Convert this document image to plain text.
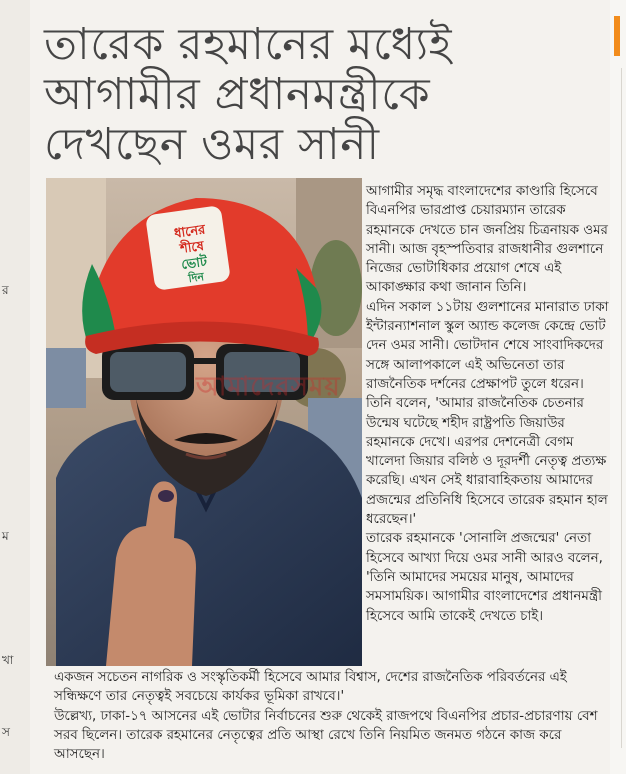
র
ম
খা
স
তারেক রহমানের মধ্যেই
আগামীর প্রধানমন্ত্রীকে
দেখছেন ওমর সানী
ধানের
শীষে
ভোট
দিন
আমাদেরসময়

আগামীর সমৃদ্ধ বাংলাদেশের কাণ্ডারি হিসেবে বিএনপির ভারপ্রাপ্ত চেয়ারম্যান তারেক রহমানকে দেখতে চান জনপ্রিয় চিত্রনায়ক ওমর সানী। আজ বৃহস্পতিবার রাজধানীর গুলশানে নিজের ভোটাধিকার প্রয়োগ শেষে এই আকাঙ্ক্ষার কথা জানান তিনি।

এদিন সকাল ১১টায় গুলশানের মানারাত ঢাকা ইন্টারন্যাশনাল স্কুল অ্যান্ড কলেজ কেন্দ্রে ভোট দেন ওমর সানী। ভোটদান শেষে সাংবাদিকদের সঙ্গে আলাপকালে এই অভিনেতা তার রাজনৈতিক দর্শনের প্রেক্ষাপট তুলে ধরেন। তিনি বলেন, 'আমার রাজনৈতিক চেতনার উন্মেষ ঘটেছে শহীদ রাষ্ট্রপতি জিয়াউর রহমানকে দেখে। এরপর দেশনেত্রী বেগম খালেদা জিয়ার বলিষ্ঠ ও দূরদর্শী নেতৃত্ব প্রত্যক্ষ করেছি। এখন সেই ধারাবাহিকতায় আমাদের প্রজন্মের প্রতিনিধি হিসেবে তারেক রহমান হাল ধরেছেন।'

তারেক রহমানকে 'সোনালি প্রজন্মের' নেতা হিসেবে আখ্যা দিয়ে ওমর সানী আরও বলেন, 'তিনি আমাদের সময়ের মানুষ, আমাদের সমসাময়িক। আগামীর বাংলাদেশের প্রধানমন্ত্রী হিসেবে আমি তাকেই দেখতে চাই।

একজন সচেতন নাগরিক ও সংস্কৃতিকর্মী হিসেবে আমার বিশ্বাস, দেশের রাজনৈতিক পরিবর্তনের এই সন্ধিক্ষণে তার নেতৃত্বই সবচেয়ে কার্যকর ভূমিকা রাখবে।'

উল্লেখ্য, ঢাকা-১৭ আসনের এই ভোটার নির্বাচনের শুরু থেকেই রাজপথে বিএনপির প্রচার-প্রচারণায় বেশ সরব ছিলেন। তারেক রহমানের নেতৃত্বের প্রতি আস্থা রেখে তিনি নিয়মিত জনমত গঠনে কাজ করে আসছেন।
